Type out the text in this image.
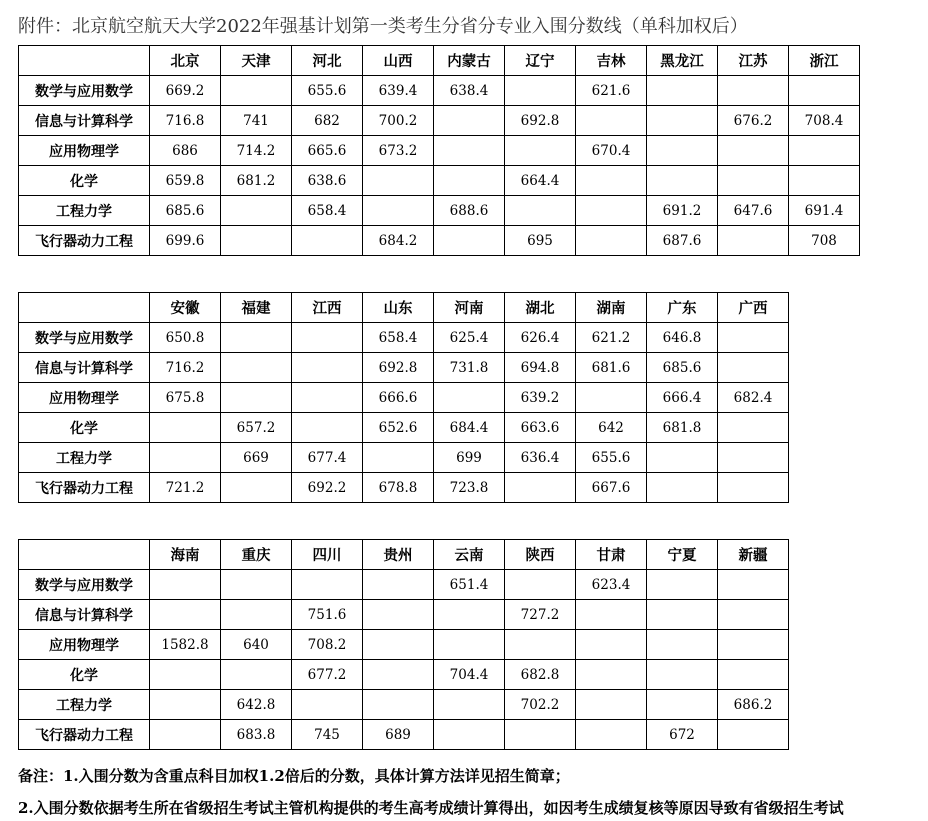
附件：北京航空航天大学2022年强基计划第一类考生分省分专业入围分数线（单科加权后）
	北京	天津	河北	山西	内蒙古	辽宁	吉林	黑龙江	江苏	浙江
数学与应用数学	669.2		655.6	639.4	638.4		621.6			
信息与计算科学	716.8	741	682	700.2		692.8			676.2	708.4
应用物理学	686	714.2	665.6	673.2			670.4			
化学	659.8	681.2	638.6			664.4				
工程力学	685.6		658.4		688.6			691.2	647.6	691.4
飞行器动力工程	699.6			684.2		695		687.6		708
	安徽	福建	江西	山东	河南	湖北	湖南	广东	广西
数学与应用数学	650.8			658.4	625.4	626.4	621.2	646.8	
信息与计算科学	716.2			692.8	731.8	694.8	681.6	685.6	
应用物理学	675.8			666.6		639.2		666.4	682.4
化学		657.2		652.6	684.4	663.6	642	681.8	
工程力学		669	677.4		699	636.4	655.6		
飞行器动力工程	721.2		692.2	678.8	723.8		667.6		
	海南	重庆	四川	贵州	云南	陕西	甘肃	宁夏	新疆
数学与应用数学					651.4		623.4		
信息与计算科学			751.6			727.2			
应用物理学	1582.8	640	708.2						
化学			677.2		704.4	682.8			
工程力学		642.8				702.2			686.2
飞行器动力工程		683.8	745	689				672	
备注：1.入围分数为含重点科目加权1.2倍后的分数，具体计算方法详见招生简章；
2.入围分数依据考生所在省级招生考试主管机构提供的考生高考成绩计算得出，如因考生成绩复核等原因导致有省级招生考试
